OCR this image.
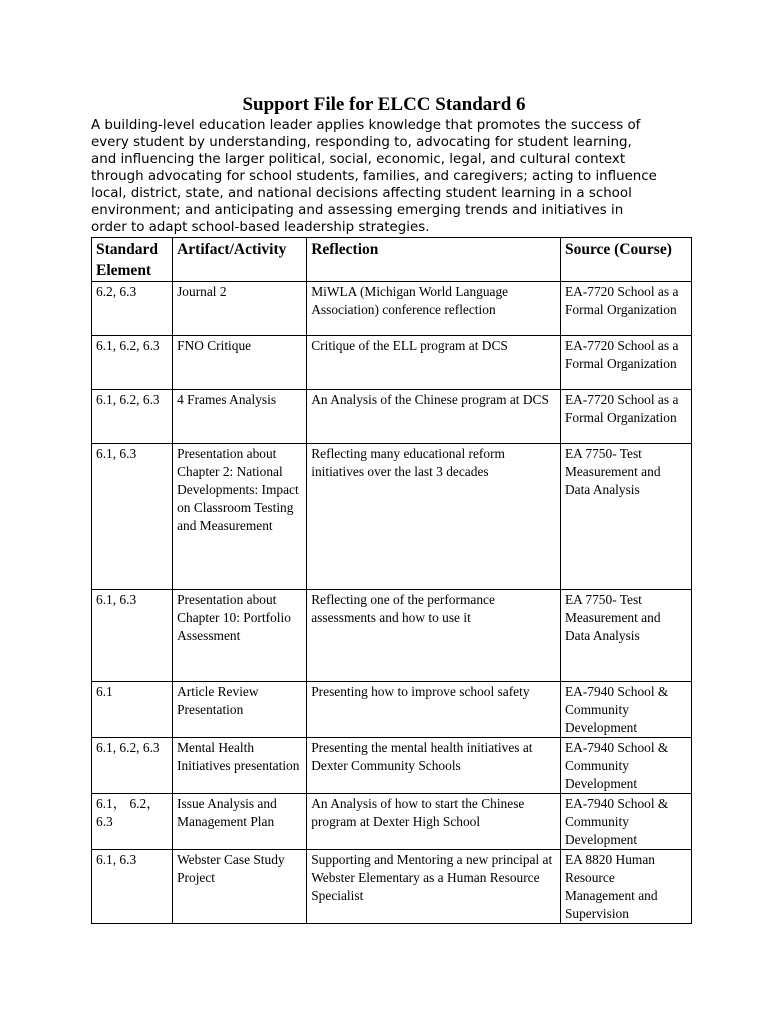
Support File for ELCC Standard 6
A building-level education leader applies knowledge that promotes the success of
every student by understanding, responding to, advocating for student learning,
and influencing the larger political, social, economic, legal, and cultural context
through advocating for school students, families, and caregivers; acting to influence
local, district, state, and national decisions affecting student learning in a school
environment; and anticipating and assessing emerging trends and initiatives in
order to adapt school-based leadership strategies.
Standard Element	Artifact/Activity	Reflection	Source (Course)
6.2, 6.3	Journal 2	MiWLA (Michigan World Language Association) conference reflection	EA-7720 School as a Formal Organization
6.1, 6.2, 6.3	FNO Critique	Critique of the ELL program at DCS	EA-7720 School as a Formal Organization
6.1, 6.2, 6.3	4 Frames Analysis	An Analysis of the Chinese program at DCS	EA-7720 School as a Formal Organization
6.1, 6.3	Presentation about Chapter 2: National Developments: Impact on Classroom Testing and Measurement	Reflecting many educational reform initiatives over the last 3 decades	EA 7750- Test Measurement and Data Analysis
6.1, 6.3	Presentation about Chapter 10: Portfolio Assessment	Reflecting one of the performance assessments and how to use it	EA 7750- Test Measurement and Data Analysis
6.1	Article Review Presentation	Presenting how to improve school safety	EA-7940 School & Community Development
6.1, 6.2, 6.3	Mental Health Initiatives presentation	Presenting the mental health initiatives at Dexter Community Schools	EA-7940 School & Community Development
6.1， 6.2， 6.3	Issue Analysis and Management Plan	An Analysis of how to start the Chinese program at Dexter High School	EA-7940 School & Community Development
6.1, 6.3	Webster Case Study Project	Supporting and Mentoring a new principal at Webster Elementary as a Human Resource Specialist	EA 8820 Human Resource Management and Supervision
